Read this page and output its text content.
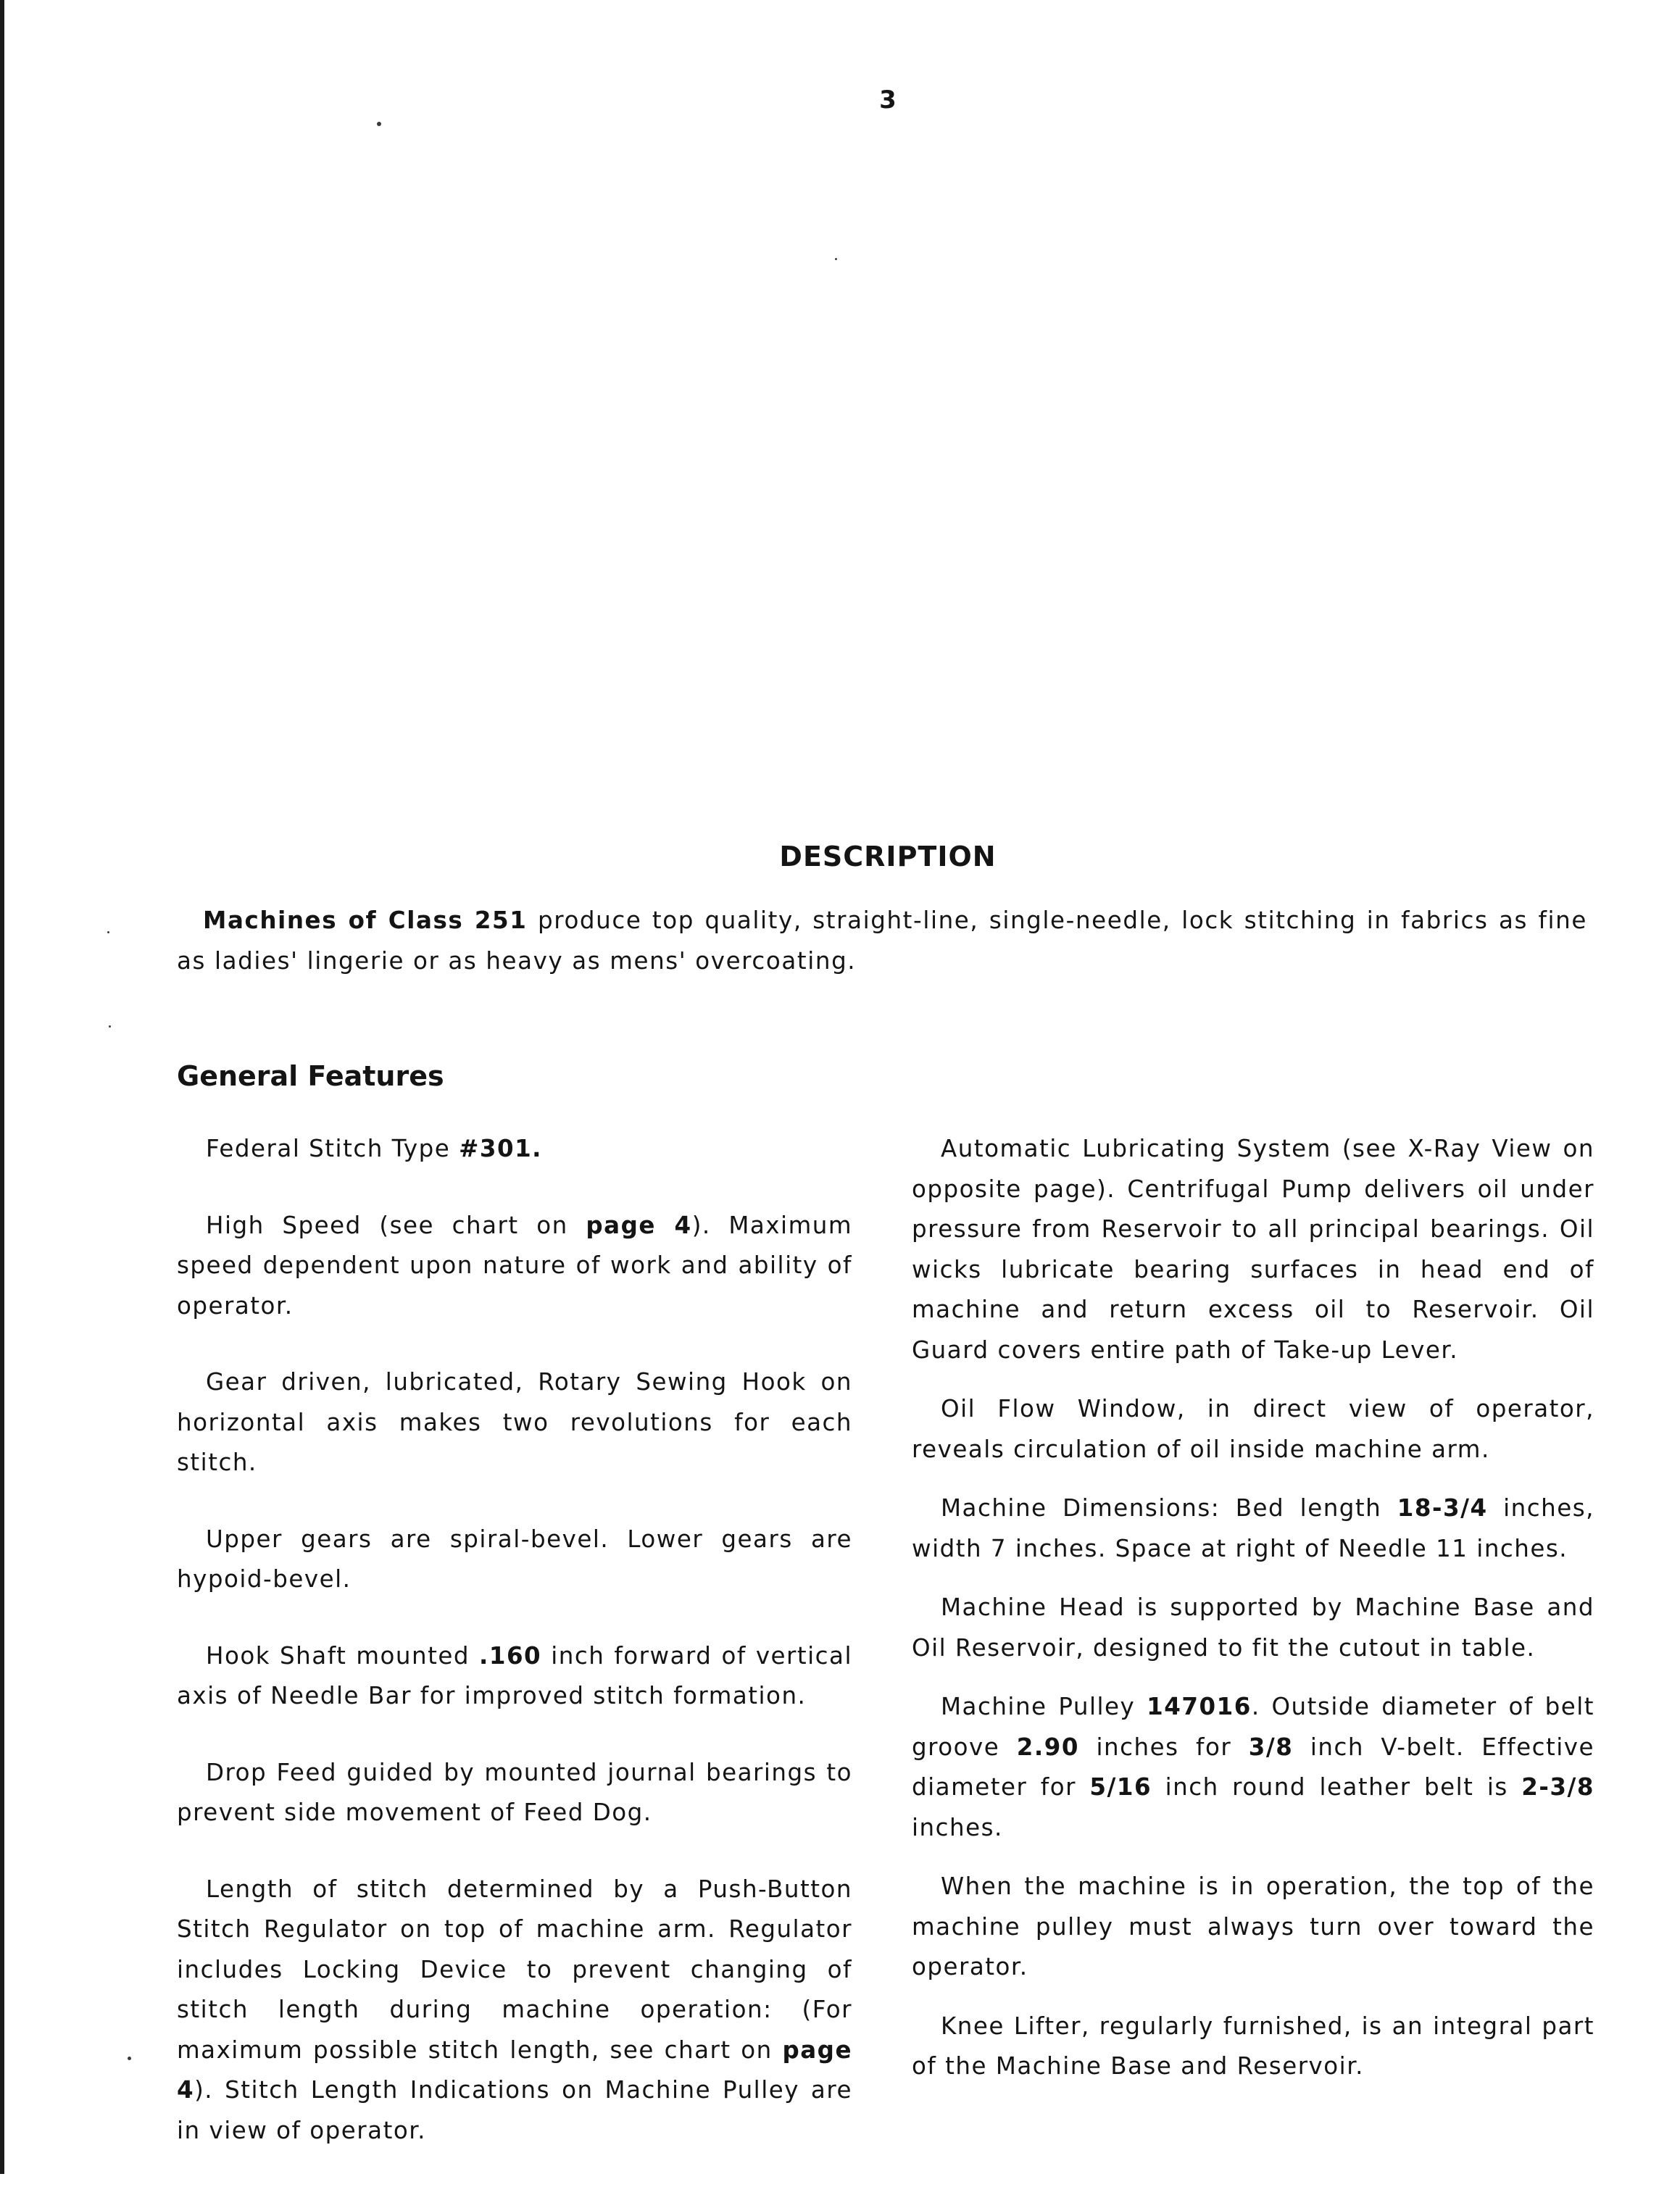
3
DESCRIPTION

Machines of Class 251 produce top quality, straight-line, single-needle, lock stitching in fabrics as fine as ladies' lingerie or as heavy as mens' overcoating.

General Features

Federal Stitch Type #301.

High Speed (see chart on page 4). Maximum speed dependent upon nature of work and ability of operator.

Gear driven, lubricated, Rotary Sewing Hook on horizontal axis makes two revolutions for each stitch.

Upper gears are spiral-bevel. Lower gears are hypoid-bevel.

Hook Shaft mounted .160 inch forward of vertical axis of Needle Bar for improved stitch formation.

Drop Feed guided by mounted journal bearings to prevent side movement of Feed Dog.

Length of stitch determined by a Push-Button Stitch Regulator on top of machine arm. Regulator includes Locking Device to prevent changing of stitch length during machine operation: (For maximum possible stitch length, see chart on page 4). Stitch Length Indications on Machine Pulley are in view of operator.

Automatic Lubricating System (see X-Ray View on opposite page). Centrifugal Pump delivers oil under pressure from Reservoir to all principal bearings. Oil wicks lubricate bearing surfaces in head end of machine and return excess oil to Reservoir. Oil Guard covers entire path of Take-up Lever.

Oil Flow Window, in direct view of operator, reveals circulation of oil inside machine arm.

Machine Dimensions: Bed length 18-3/4 inches, width 7 inches. Space at right of Needle 11 inches.

Machine Head is supported by Machine Base and Oil Reservoir, designed to fit the cutout in table.

Machine Pulley 147016. Outside diameter of belt groove 2.90 inches for 3/8 inch V-belt. Effective diameter for 5/16 inch round leather belt is 2-3/8 inches.

When the machine is in operation, the top of the machine pulley must always turn over toward the operator.

Knee Lifter, regularly furnished, is an integral part of the Machine Base and Reservoir.
